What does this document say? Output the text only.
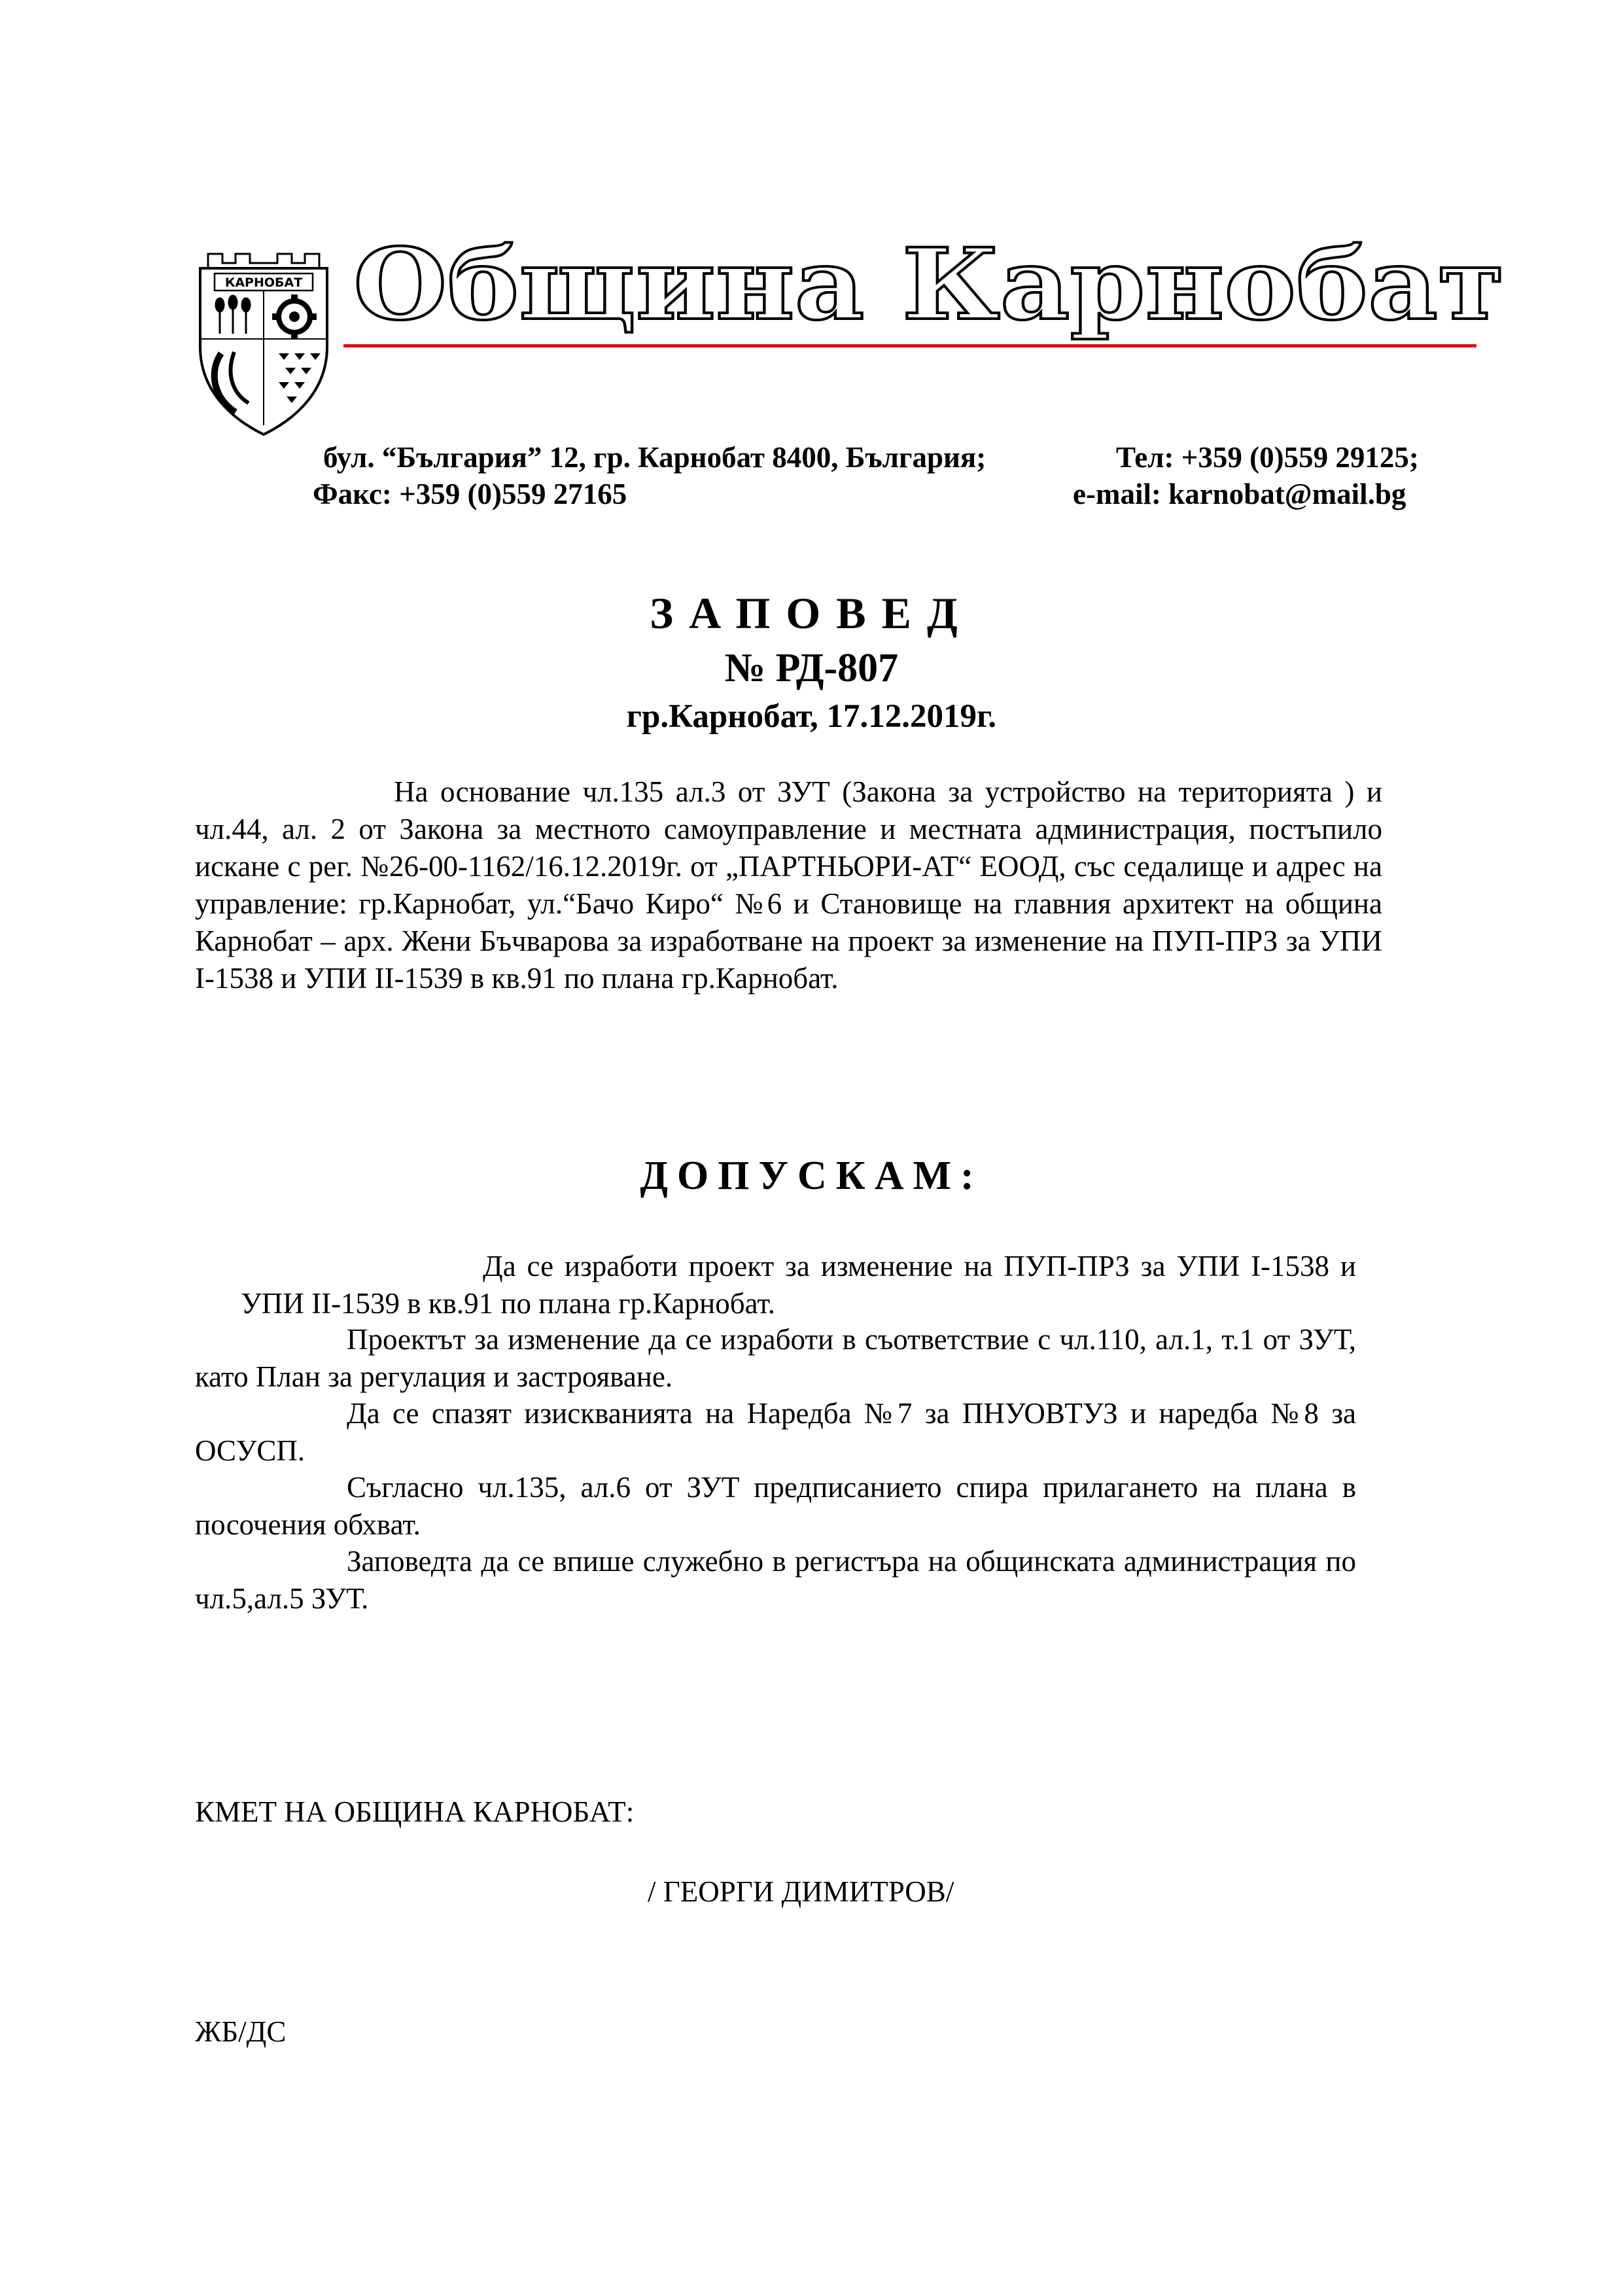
КАРНОБАТ Община Карнобат
бул. “България” 12, гр. Карнобат 8400, България;	Тел: +359 (0)559 29125;
Факс: +359 (0)559 27165	e-mail: karnobat@mail.bg
ЗАПОВЕД
№ РД-807
гр.Карнобат, 17.12.2019г.
На основание чл.135 ал.3 от ЗУТ (Закона за устройство на територията ) и чл.44, ал. 2 от Закона за местното самоуправление и местната администрация, постъпило искане с рег. №26-00-1162/16.12.2019г. от „ПАРТНЬОРИ-АТ“ ЕООД, със седалище и адрес на управление: гр.Карнобат, ул.“Бачо Киро“ №6 и Становище на главния архитект на община Карнобат – арх. Жени Бъчварова за изработване на проект за изменение на ПУП-ПРЗ за УПИ I-1538 и УПИ II-1539 в кв.91 по плана гр.Карнобат.
ДОПУСКАМ:
Да се изработи проект за изменение на ПУП-ПРЗ за УПИ I-1538 и УПИ II-1539 в кв.91 по плана гр.Карнобат.
Проектът за изменение да се изработи в съответствие с чл.110, ал.1, т.1 от ЗУТ, като План за регулация и застрояване.
Да се спазят изискванията на Наредба №7 за ПНУОВТУЗ и наредба №8 за ОСУСП.
Съгласно чл.135, ал.6 от ЗУТ предписанието спира прилагането на плана в посочения обхват.
Заповедта да се впише служебно в регистъра на общинската администрация по чл.5,ал.5 ЗУТ.
КМЕТ НА ОБЩИНА КАРНОБАТ:
/ ГЕОРГИ ДИМИТРОВ/
ЖБ/ДС
